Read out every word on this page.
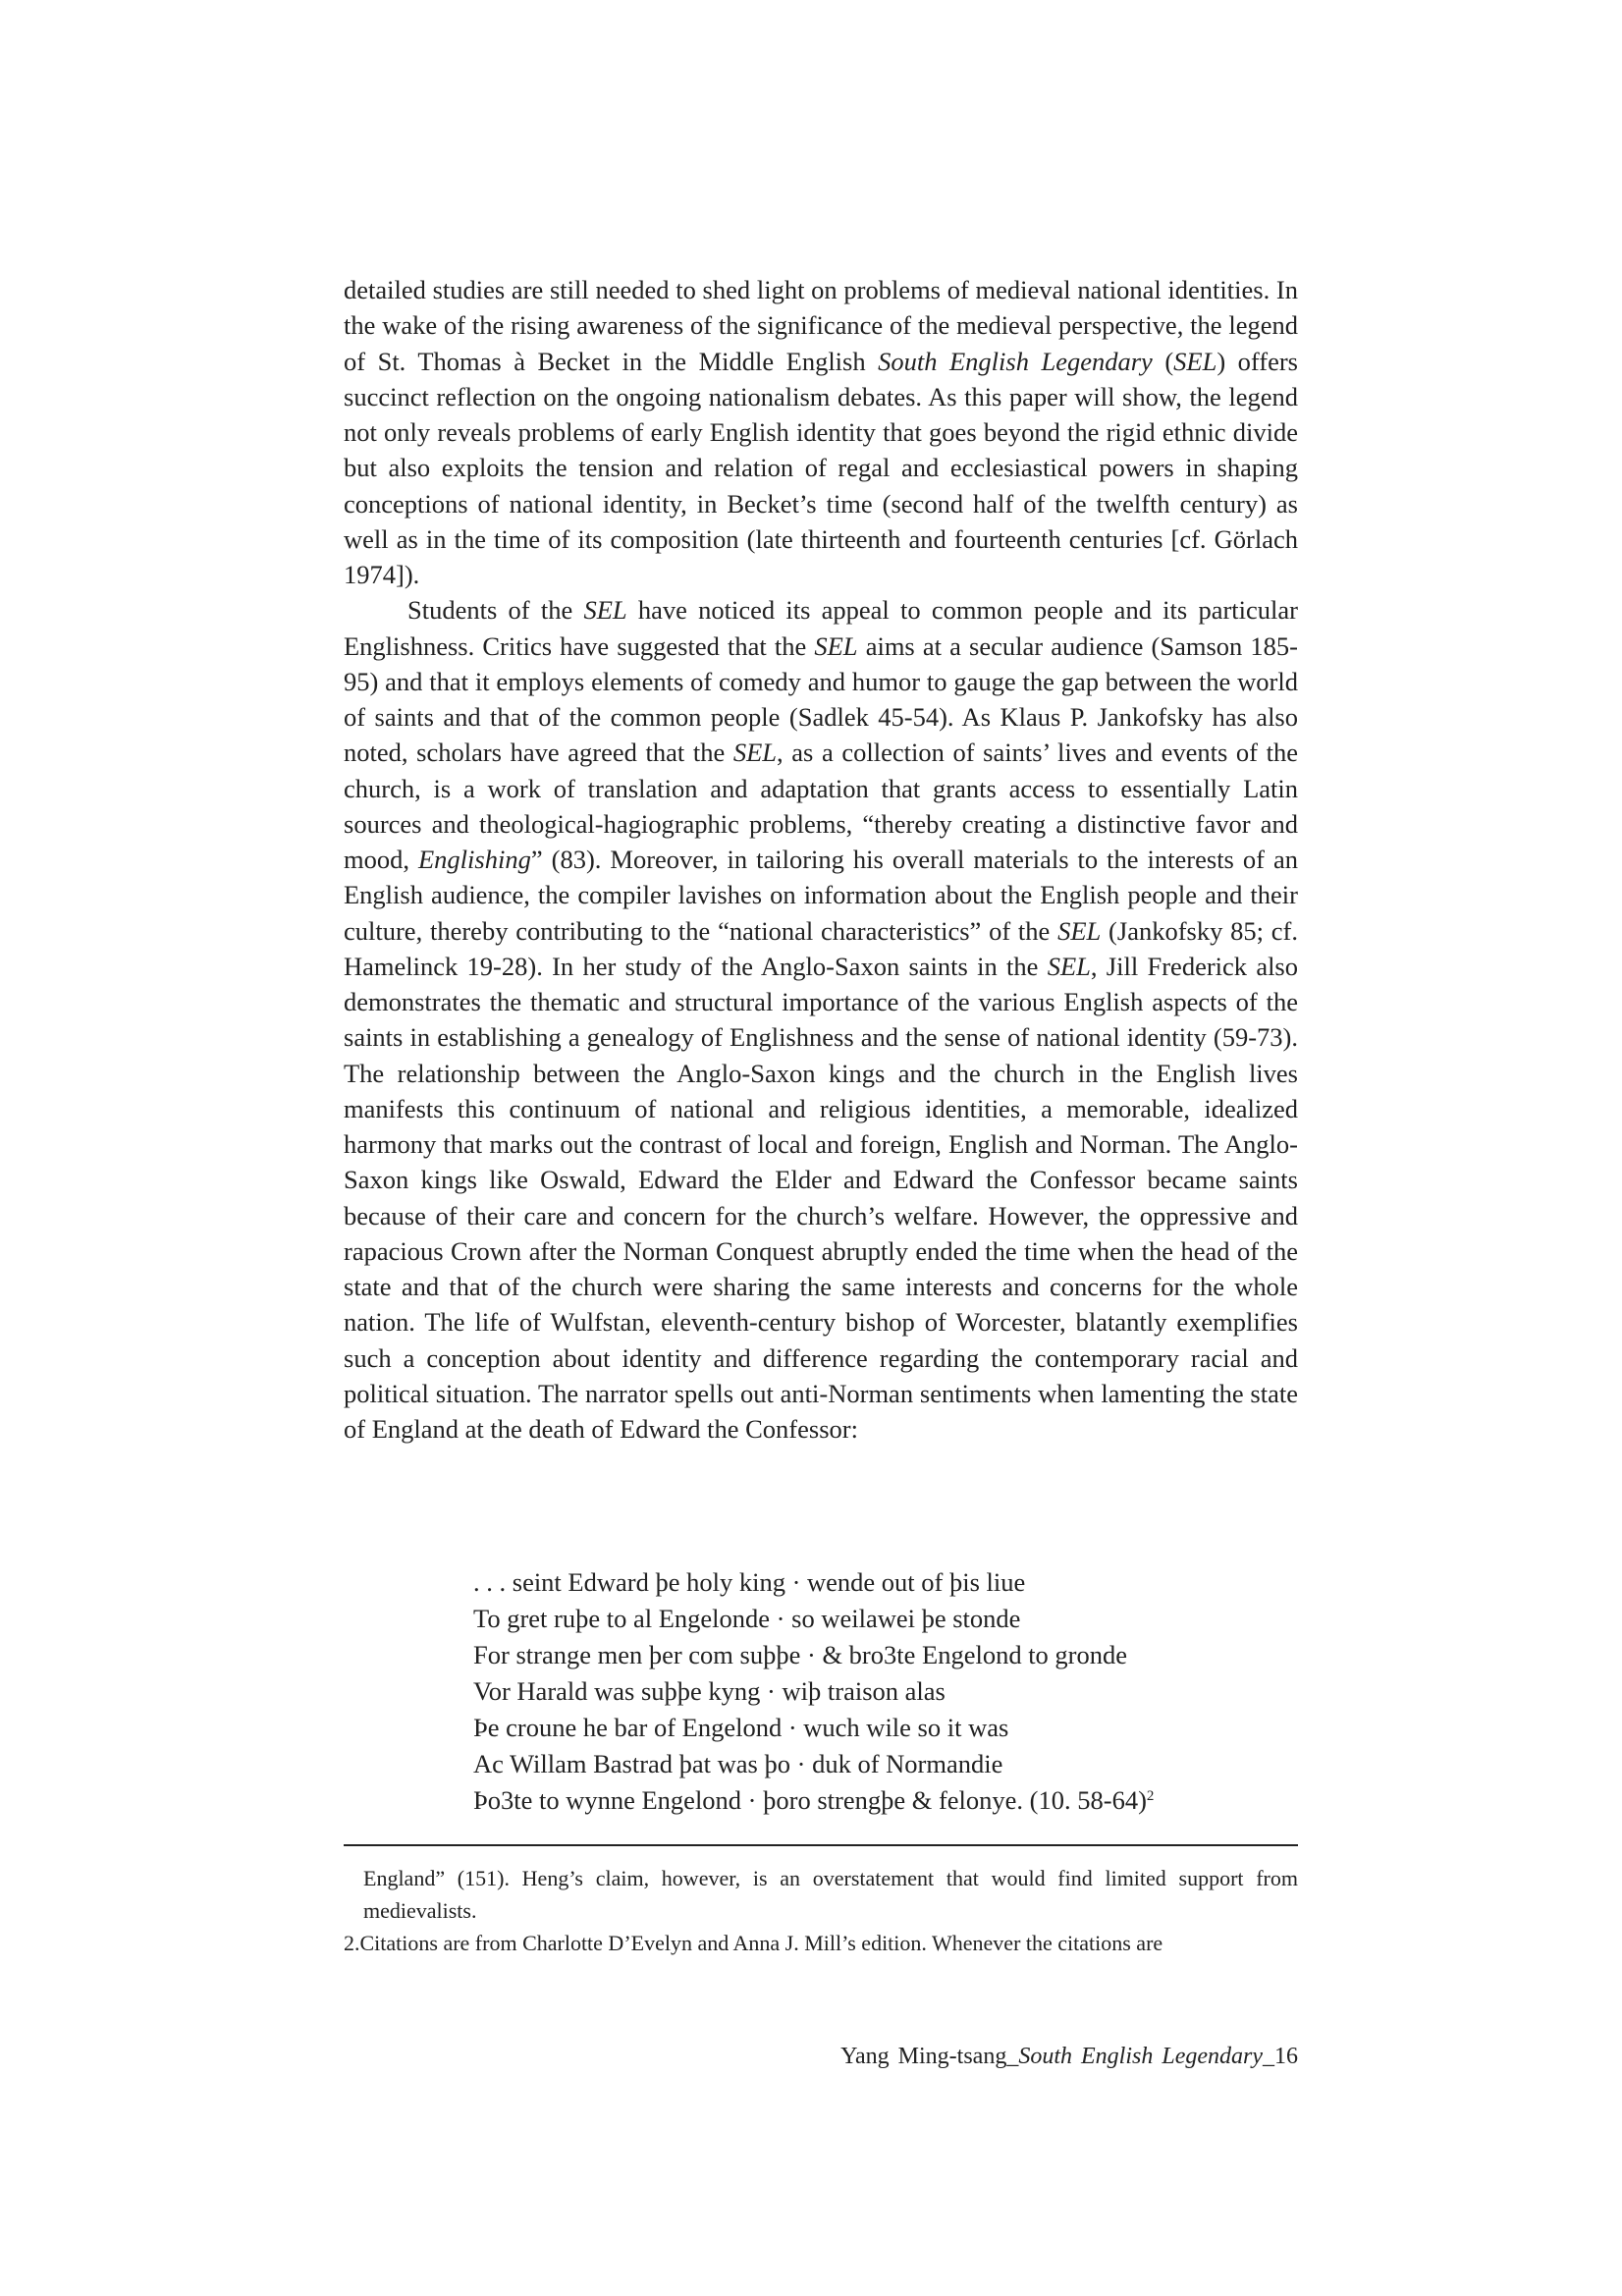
detailed studies are still needed to shed light on problems of medieval national identities. In the wake of the rising awareness of the significance of the medieval perspective, the legend of St. Thomas à Becket in the Middle English South English Legendary (SEL) offers succinct reflection on the ongoing nationalism debates. As this paper will show, the legend not only reveals problems of early English identity that goes beyond the rigid ethnic divide but also exploits the tension and relation of regal and ecclesiastical powers in shaping conceptions of national identity, in Becket’s time (second half of the twelfth century) as well as in the time of its composition (late thirteenth and fourteenth centuries [cf. Görlach 1974]).

Students of the SEL have noticed its appeal to common people and its particular Englishness. Critics have suggested that the SEL aims at a secular audience (Samson 185-95) and that it employs elements of comedy and humor to gauge the gap between the world of saints and that of the common people (Sadlek 45-54). As Klaus P. Jankofsky has also noted, scholars have agreed that the SEL, as a collection of saints’ lives and events of the church, is a work of translation and adaptation that grants access to essentially Latin sources and theological-hagiographic problems, “thereby creating a distinctive favor and mood, Englishing” (83). Moreover, in tailoring his overall materials to the interests of an English audience, the compiler lavishes on information about the English people and their culture, thereby contributing to the “national characteristics” of the SEL (Jankofsky 85; cf. Hamelinck 19-28). In her study of the Anglo-Saxon saints in the SEL, Jill Frederick also demonstrates the thematic and structural importance of the various English aspects of the saints in establishing a genealogy of Englishness and the sense of national identity (59-73). The relationship between the Anglo-Saxon kings and the church in the English lives manifests this continuum of national and religious identities, a memorable, idealized harmony that marks out the contrast of local and foreign, English and Norman. The Anglo-Saxon kings like Oswald, Edward the Elder and Edward the Confessor became saints because of their care and concern for the church’s welfare. However, the oppressive and rapacious Crown after the Norman Conquest abruptly ended the time when the head of the state and that of the church were sharing the same interests and concerns for the whole nation. The life of Wulfstan, eleventh-century bishop of Worcester, blatantly exemplifies such a conception about identity and difference regarding the contemporary racial and political situation. The narrator spells out anti-Norman sentiments when lamenting the state of England at the death of Edward the Confessor:

. . . seint Edward þe holy king · wende out of þis liue
To gret ruþe to al Engelonde · so weilawei þe stonde
For strange men þer com suþþe · & bro3te Engelond to gronde
Vor Harald was suþþe kyng · wiþ traison alas
Þe croune he bar of Engelond · wuch wile so it was
Ac Willam Bastrad þat was þo · duk of Normandie
Þo3te to wynne Engelond · þoro strengþe & felonye. (10. 58-64)$^2$

England” (151). Heng’s claim, however, is an overstatement that would find limited support from medievalists.

2.Citations are from Charlotte D’Evelyn and Anna J. Mill’s edition. Whenever the citations are

Yang Ming-tsang_South English Legendary_16
